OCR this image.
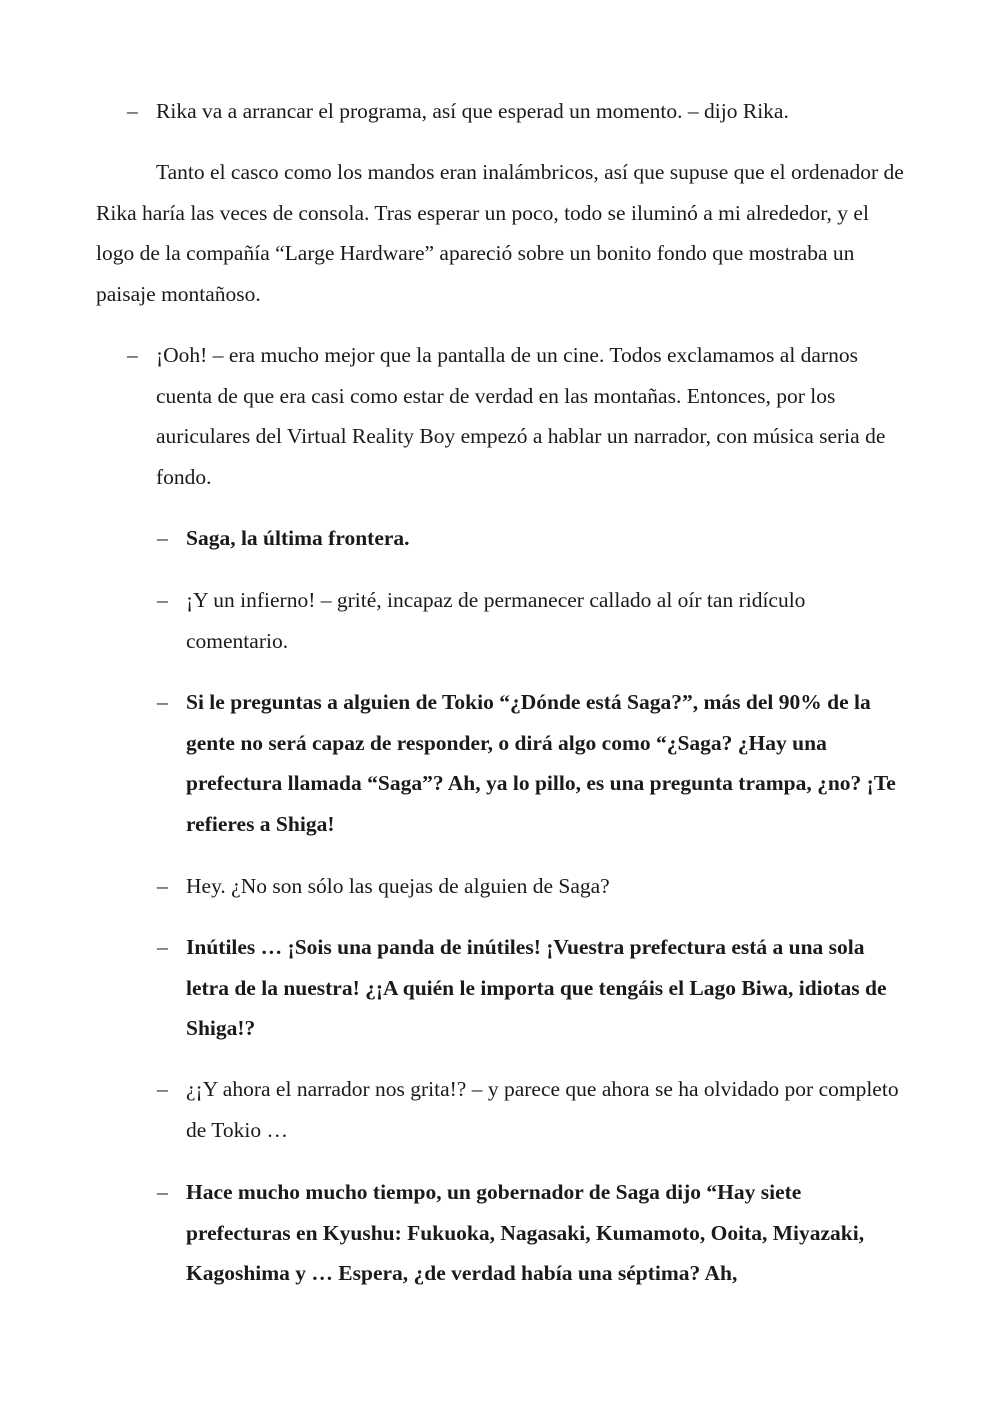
– Rika va a arrancar el programa, así que esperad un momento. – dijo Rika.
Tanto el casco como los mandos eran inalámbricos, así que supuse que el ordenador de Rika haría las veces de consola. Tras esperar un poco, todo se iluminó a mi alrededor, y el logo de la compañía “Large Hardware” apareció sobre un bonito fondo que mostraba un paisaje montañoso.
– ¡Ooh! – era mucho mejor que la pantalla de un cine. Todos exclamamos al darnos cuenta de que era casi como estar de verdad en las montañas. Entonces, por los auriculares del Virtual Reality Boy empezó a hablar un narrador, con música seria de fondo.
– Saga, la última frontera.
– ¡Y un infierno! – grité, incapaz de permanecer callado al oír tan ridículo comentario.
– Si le preguntas a alguien de Tokio “¿Dónde está Saga?”, más del 90% de la gente no será capaz de responder, o dirá algo como “¿Saga? ¿Hay una prefectura llamada “Saga”? Ah, ya lo pillo, es una pregunta trampa, ¿no? ¡Te refieres a Shiga!
– Hey. ¿No son sólo las quejas de alguien de Saga?
– Inútiles … ¡Sois una panda de inútiles! ¡Vuestra prefectura está a una sola letra de la nuestra! ¿¡A quién le importa que tengáis el Lago Biwa, idiotas de Shiga!?
– ¿¡Y ahora el narrador nos grita!? – y parece que ahora se ha olvidado por completo de Tokio …
– Hace mucho mucho tiempo, un gobernador de Saga dijo “Hay siete prefecturas en Kyushu: Fukuoka, Nagasaki, Kumamoto, Ooita, Miyazaki, Kagoshima y … Espera, ¿de verdad había una séptima? Ah,
